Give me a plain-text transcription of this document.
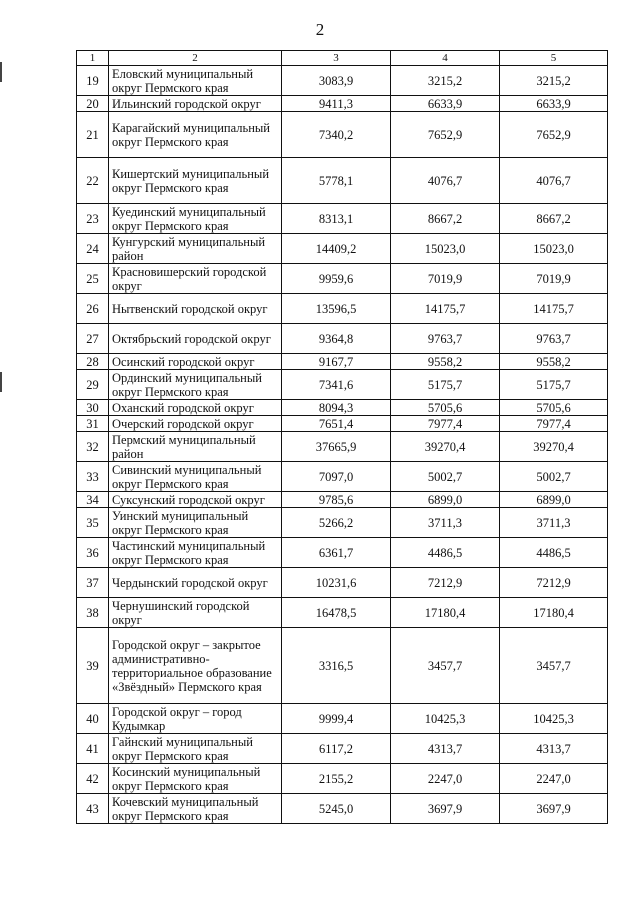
2
1	2	3	4	5
19	Еловский муниципальный округ Пермского края	3083,9	3215,2	3215,2
20	Ильинский городской округ	9411,3	6633,9	6633,9
21	Карагайский муниципальный округ Пермского края	7340,2	7652,9	7652,9
22	Кишертский муниципальный округ Пермского края	5778,1	4076,7	4076,7
23	Куединский муниципальный округ Пермского края	8313,1	8667,2	8667,2
24	Кунгурский муниципальный район	14409,2	15023,0	15023,0
25	Красновишерский городской округ	9959,6	7019,9	7019,9
26	Нытвенский городской округ	13596,5	14175,7	14175,7
27	Октябрьский городской округ	9364,8	9763,7	9763,7
28	Осинский городской округ	9167,7	9558,2	9558,2
29	Ординский муниципальный округ Пермского края	7341,6	5175,7	5175,7
30	Оханский городской округ	8094,3	5705,6	5705,6
31	Очерский городской округ	7651,4	7977,4	7977,4
32	Пермский муниципальный район	37665,9	39270,4	39270,4
33	Сивинский муниципальный округ Пермского края	7097,0	5002,7	5002,7
34	Суксунский городской округ	9785,6	6899,0	6899,0
35	Уинский муниципальный округ Пермского края	5266,2	3711,3	3711,3
36	Частинский муниципальный округ Пермского края	6361,7	4486,5	4486,5
37	Чердынский городской округ	10231,6	7212,9	7212,9
38	Чернушинский городской округ	16478,5	17180,4	17180,4
39	Городской округ – закрытое административно-территориальное образование «Звёздный» Пермского края	3316,5	3457,7	3457,7
40	Городской округ – город Кудымкар	9999,4	10425,3	10425,3
41	Гайнский муниципальный округ Пермского края	6117,2	4313,7	4313,7
42	Косинский муниципальный округ Пермского края	2155,2	2247,0	2247,0
43	Кочевский муниципальный округ Пермского края	5245,0	3697,9	3697,9
